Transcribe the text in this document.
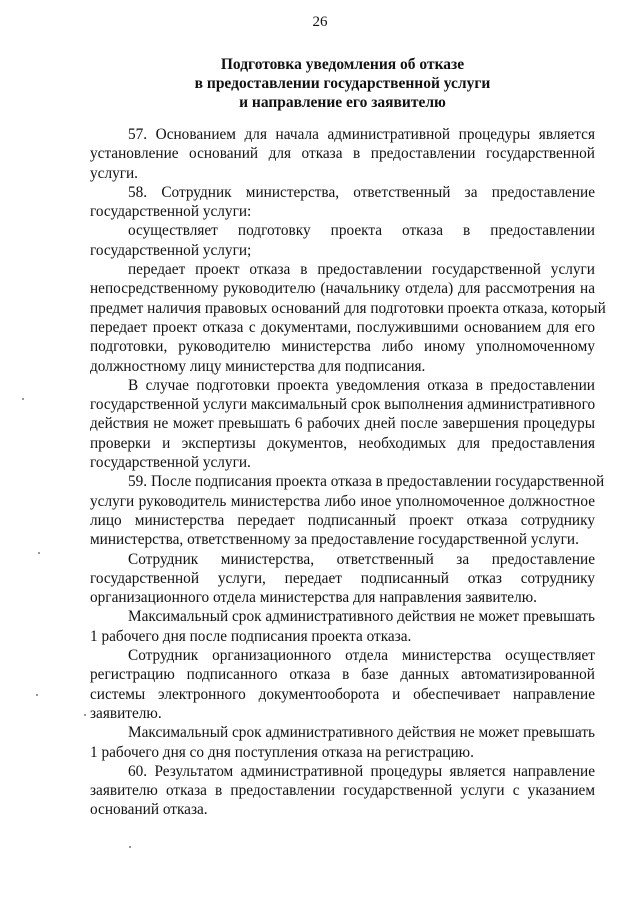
26
Подготовка уведомления об отказе
в предоставлении государственной услуги
и направление его заявителю
57. Основанием для начала административной процедуры является
установление оснований для отказа в предоставлении государственной
услуги.
58. Сотрудник министерства, ответственный за предоставление
государственной услуги:
осуществляет подготовку проекта отказа в предоставлении
государственной услуги;
передает проект отказа в предоставлении государственной услуги
непосредственному руководителю (начальнику отдела) для рассмотрения на
предмет наличия правовых оснований для подготовки проекта отказа, который
передает проект отказа с документами, послужившими основанием для его
подготовки, руководителю министерства либо иному уполномоченному
должностному лицу министерства для подписания.
В случае подготовки проекта уведомления отказа в предоставлении
государственной услуги максимальный срок выполнения административного
действия не может превышать 6 рабочих дней после завершения процедуры
проверки и экспертизы документов, необходимых для предоставления
государственной услуги.
59. После подписания проекта отказа в предоставлении государственной
услуги руководитель министерства либо иное уполномоченное должностное
лицо министерства передает подписанный проект отказа сотруднику
министерства, ответственному за предоставление государственной услуги.
Сотрудник министерства, ответственный за предоставление
государственной услуги, передает подписанный отказ сотруднику
организационного отдела министерства для направления заявителю.
Максимальный срок административного действия не может превышать
1 рабочего дня после подписания проекта отказа.
Сотрудник организационного отдела министерства осуществляет
регистрацию подписанного отказа в базе данных автоматизированной
системы электронного документооборота и обеспечивает направление
заявителю.
Максимальный срок административного действия не может превышать
1 рабочего дня со дня поступления отказа на регистрацию.
60. Результатом административной процедуры является направление
заявителю отказа в предоставлении государственной услуги с указанием
оснований отказа.
